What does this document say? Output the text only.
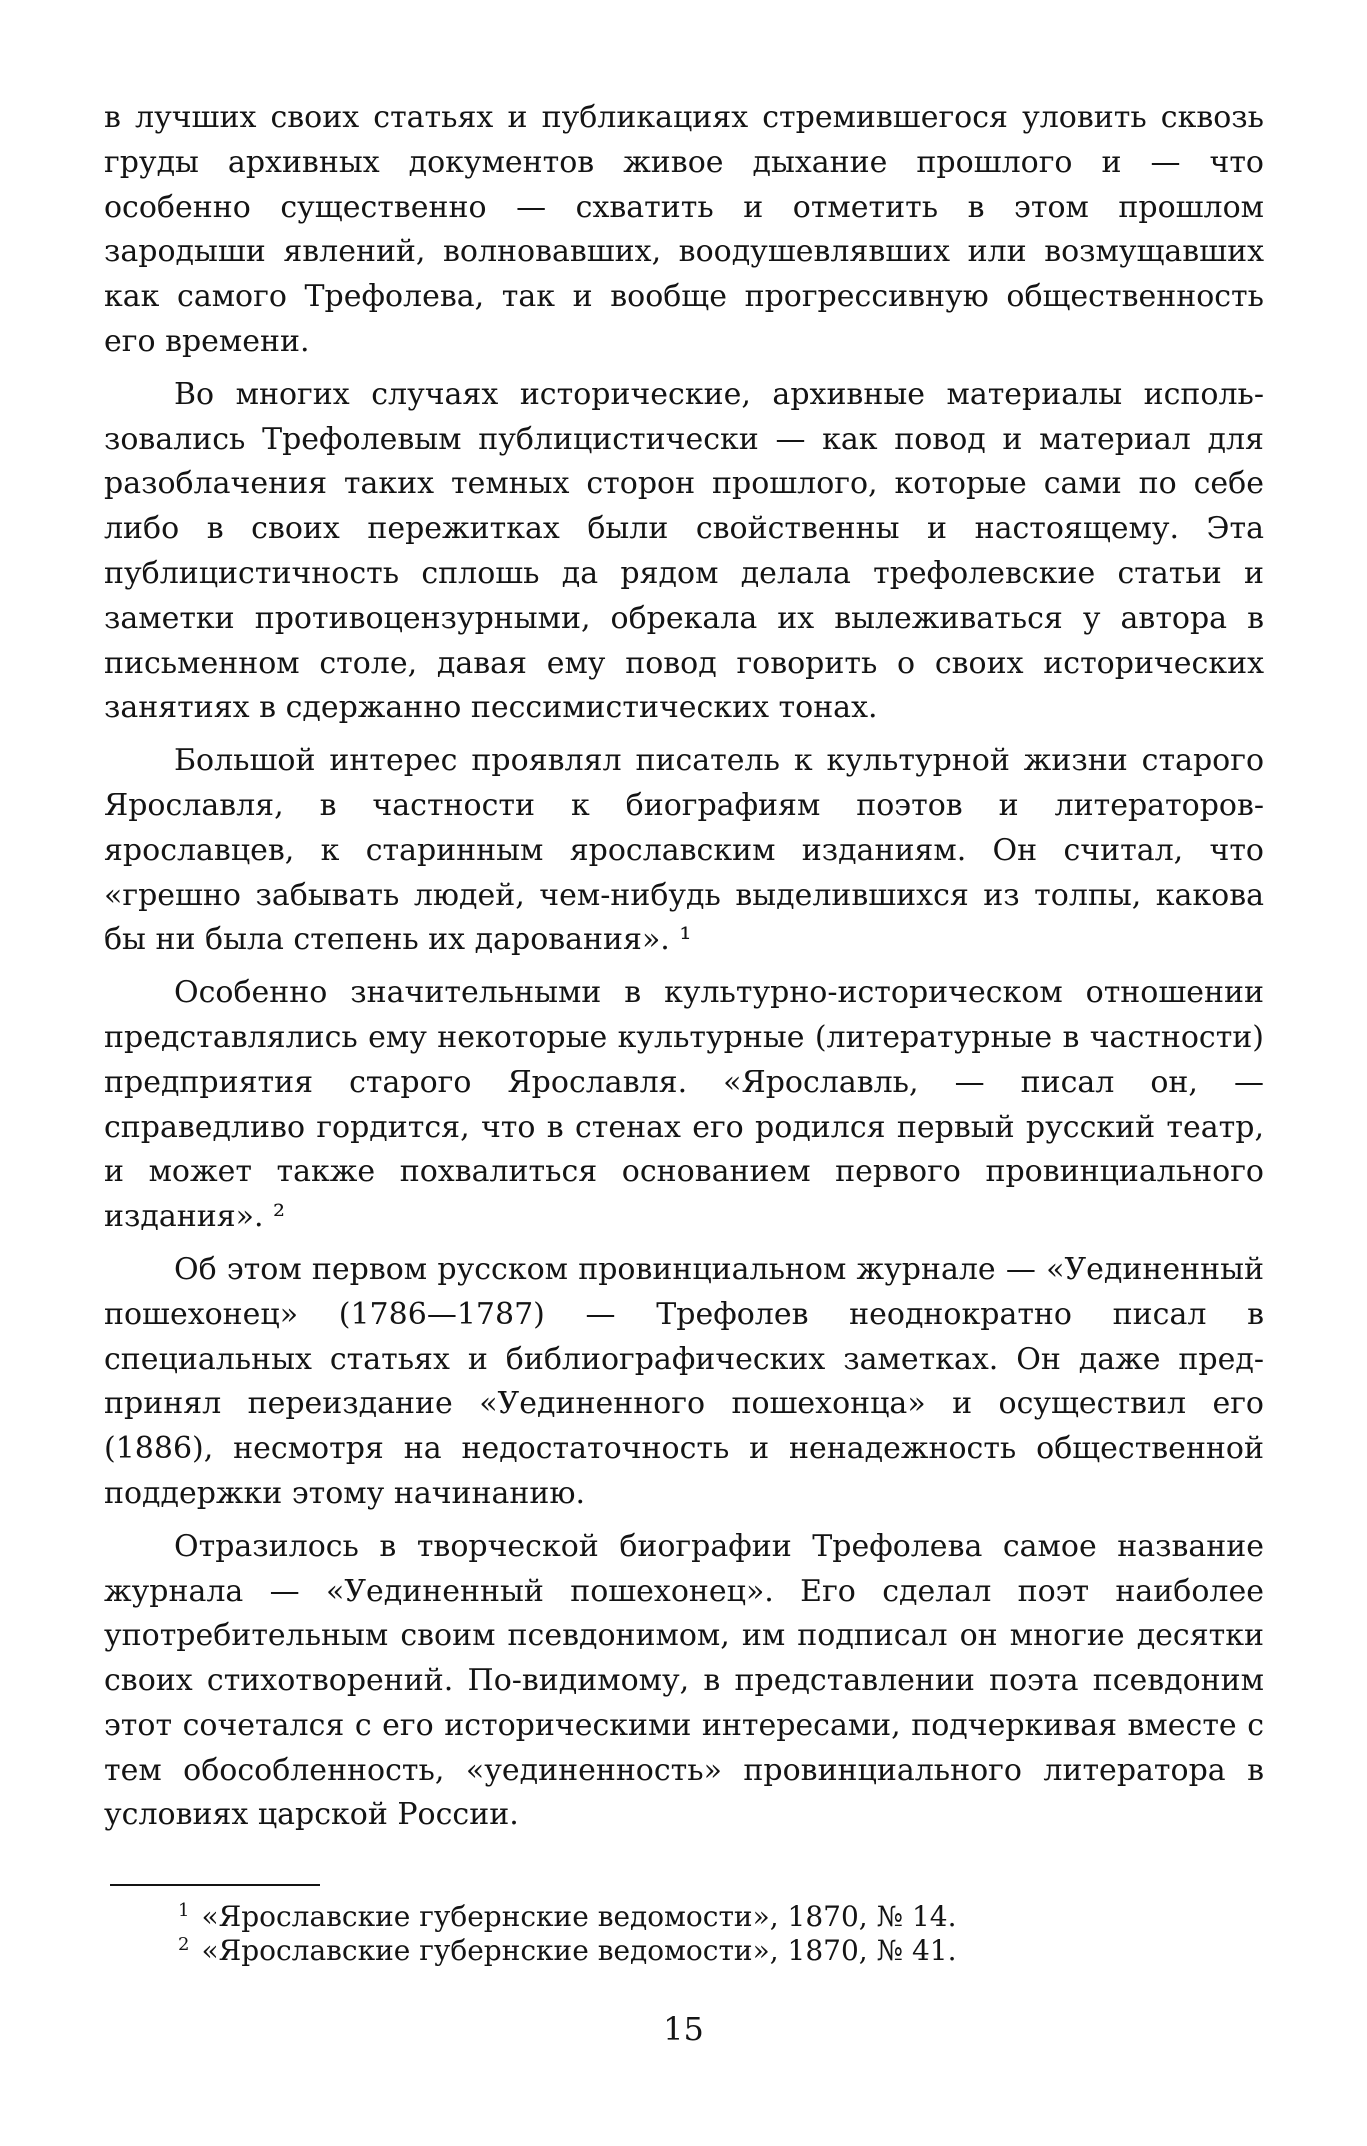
в лучших своих статьях и публикациях стремившегося уловить сквозь груды архивных документов живое дыхание прошлого и — что особенно существенно — схватить и отметить в этом прошлом зародыши явлений, волновавших, воодушевлявших или возмущавших как самого Трефолева, так и вообще прогрессивную общественность его времени.

Во многих случаях исторические, архивные материалы использовались Трефолевым публицистически — как повод и материал для разоблачения таких темных сторон прошлого, которые сами по себе либо в своих пережитках были свойственны и настоящему. Эта публицистичность сплошь да рядом делала трефолевские статьи и заметки противоцензурными, обрекала их вылеживаться у автора в письменном столе, давая ему повод говорить о своих исторических занятиях в сдержанно пессимистических тонах.

Большой интерес проявлял писатель к культурной жизни старого Ярославля, в частности к биографиям поэтов и литераторов-ярославцев, к старинным ярославским изданиям. Он считал, что «грешно забывать людей, чем-нибудь выделившихся из толпы, какова бы ни была степень их дарования». ¹

Особенно значительными в культурно-историческом отношении представлялись ему некоторые культурные (литературные в частности) предприятия старого Ярославля. «Ярославль, — писал он, — справедливо гордится, что в стенах его родился первый русский театр, и может также похвалиться основанием первого провинциального издания». ²

Об этом первом русском провинциальном журнале — «Уединенный пошехонец» (1786—1787) — Трефолев неоднократно писал в специальных статьях и библиографических заметках. Он даже предпринял переиздание «Уединенного пошехонца» и осуществил его (1886), несмотря на недостаточность и ненадежность общественной поддержки этому начинанию.

Отразилось в творческой биографии Трефолева самое название журнала — «Уединенный пошехонец». Его сделал поэт наиболее употребительным своим псевдонимом, им подписал он многие десятки своих стихотворений. По-видимому, в представлении поэта псевдоним этот сочетался с его историческими интересами, подчеркивая вместе с тем обособленность, «уединенность» провинциального литератора в условиях царской России.

$^1$ «Ярославские губернские ведомости», 1870, № 14.

$^2$ «Ярославские губернские ведомости», 1870, № 41.

15
